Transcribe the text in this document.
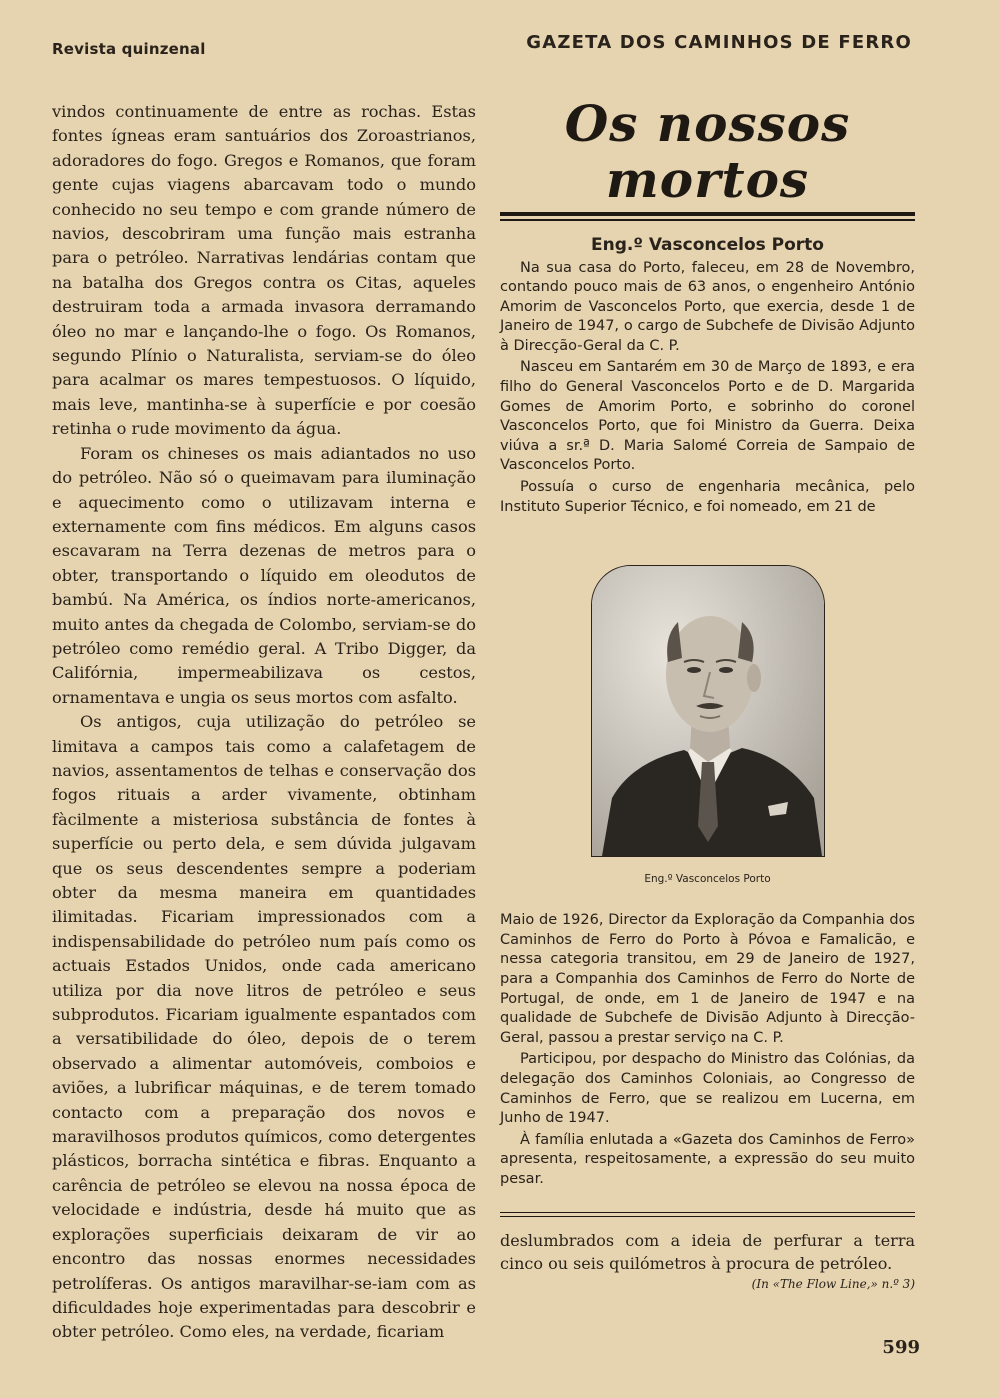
Revista quinzenal	GAZETA DOS CAMINHOS DE FERRO

vindos continuamente de entre as rochas. Estas fontes ígneas eram santuários dos Zoroastrianos, adoradores do fogo. Gregos e Romanos, que foram gente cujas viagens abarcavam todo o mundo conhecido no seu tempo e com grande número de navios, descobriram uma função mais estranha para o petróleo. Narrativas lendárias contam que na batalha dos Gregos contra os Citas, aqueles destruiram toda a armada invasora derramando óleo no mar e lançando-lhe o fogo. Os Romanos, segundo Plínio o Naturalista, serviam-se do óleo para acalmar os mares tempestuosos. O líquido, mais leve, mantinha-se à superfície e por coesão retinha o rude movimento da água.

Foram os chineses os mais adiantados no uso do petróleo. Não só o queimavam para iluminação e aquecimento como o utilizavam interna e externamente com fins médicos. Em alguns casos escavaram na Terra dezenas de metros para o obter, transportando o líquido em oleodutos de bambú. Na América, os índios norte-americanos, muito antes da chegada de Colombo, serviam-se do petróleo como remédio geral. A Tribo Digger, da Califórnia, impermeabilizava os cestos, ornamentava e ungia os seus mortos com asfalto.

Os antigos, cuja utilização do petróleo se limitava a campos tais como a calafetagem de navios, assentamentos de telhas e conservação dos fogos rituais a arder vivamente, obtinham fàcilmente a misteriosa substância de fontes à superfície ou perto dela, e sem dúvida julgavam que os seus descendentes sempre a poderiam obter da mesma maneira em quantidades ilimitadas. Ficariam impressionados com a indispensabilidade do petróleo num país como os actuais Estados Unidos, onde cada americano utiliza por dia nove litros de petróleo e seus subprodutos. Ficariam igualmente espantados com a versatibilidade do óleo, depois de o terem observado a alimentar automóveis, comboios e aviões, a lubrificar máquinas, e de terem tomado contacto com a preparação dos novos e maravilhosos produtos químicos, como detergentes plásticos, borracha sintética e fibras. Enquanto a carência de petróleo se elevou na nossa época de velocidade e indústria, desde há muito que as explorações superficiais deixaram de vir ao encontro das nossas enormes necessidades petrolíferas. Os antigos maravilhar-se-iam com as dificuldades hoje experimentadas para descobrir e obter petróleo. Como eles, na verdade, ficariam

Os nossos mortos
Eng.º Vasconcelos Porto

Na sua casa do Porto, faleceu, em 28 de Novembro, contando pouco mais de 63 anos, o engenheiro António Amorim de Vasconcelos Porto, que exercia, desde 1 de Janeiro de 1947, o cargo de Subchefe de Divisão Adjunto à Direcção-Geral da C. P.

Nasceu em Santarém em 30 de Março de 1893, e era filho do General Vasconcelos Porto e de D. Margarida Gomes de Amorim Porto, e sobrinho do coronel Vasconcelos Porto, que foi Ministro da Guerra. Deixa viúva a sr.ª D. Maria Salomé Correia de Sampaio de Vasconcelos Porto.

Possuía o curso de engenharia mecânica, pelo Instituto Superior Técnico, e foi nomeado, em 21 de

Eng.º Vasconcelos Porto

Maio de 1926, Director da Exploração da Companhia dos Caminhos de Ferro do Porto à Póvoa e Famalicão, e nessa categoria transitou, em 29 de Janeiro de 1927, para a Companhia dos Caminhos de Ferro do Norte de Portugal, de onde, em 1 de Janeiro de 1947 e na qualidade de Subchefe de Divisão Adjunto à Direcção-Geral, passou a prestar serviço na C. P.

Participou, por despacho do Ministro das Colónias, da delegação dos Caminhos Coloniais, ao Congresso de Caminhos de Ferro, que se realizou em Lucerna, em Junho de 1947.

À família enlutada a «Gazeta dos Caminhos de Ferro» apresenta, respeitosamente, a expressão do seu muito pesar.

deslumbrados com a ideia de perfurar a terra cinco ou seis quilómetros à procura de petróleo.

(In «The Flow Line,» n.º 3)
599
